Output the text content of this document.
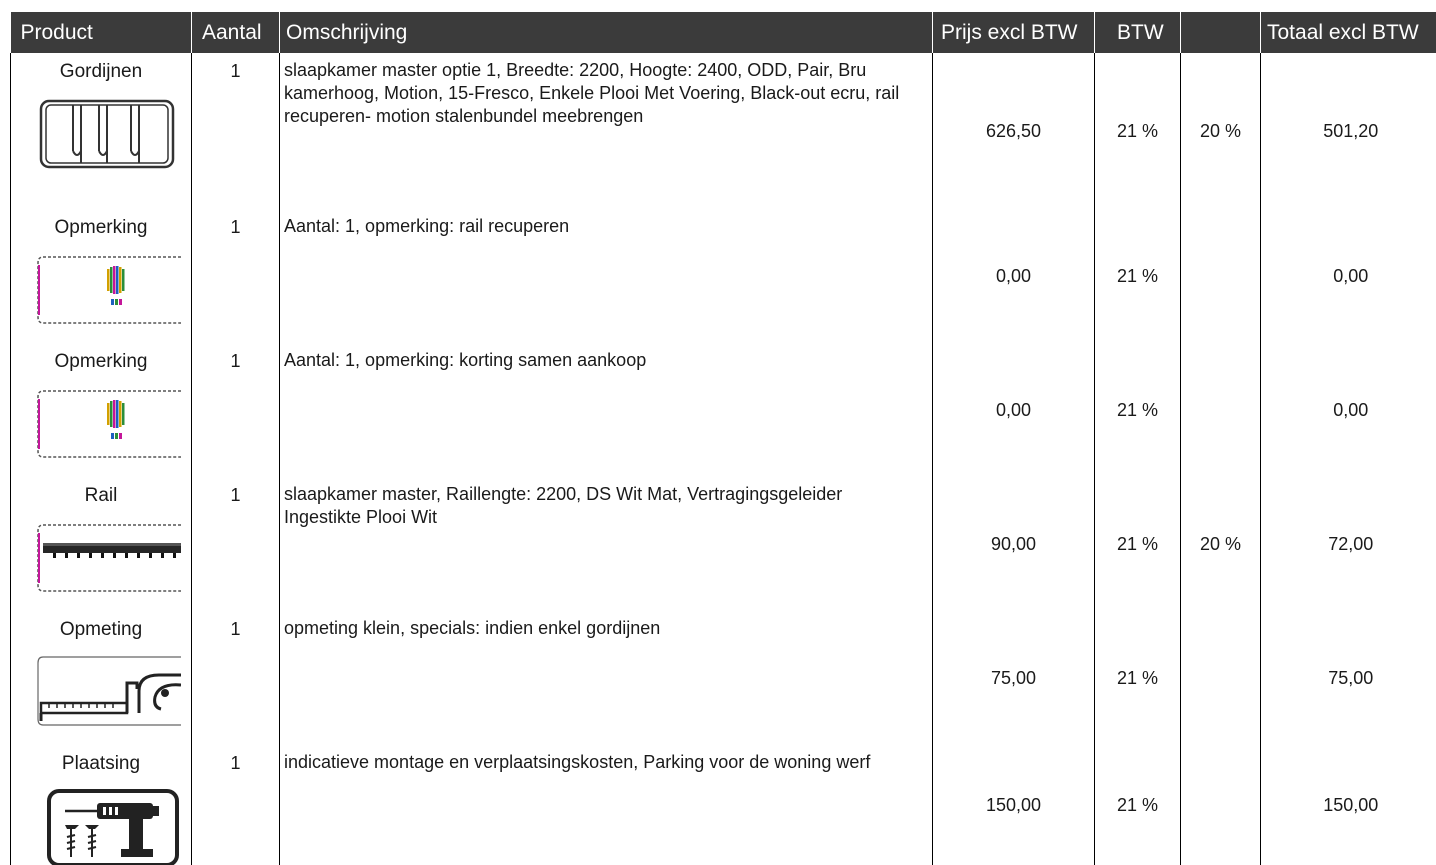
Product	Aantal	Omschrijving	Prijs excl BTW	BTW		Totaal excl BTW

Gordijnen	1	slaapkamer master optie 1, Breedte: 2200, Hoogte: 2400, ODD, Pair, Bru kamerhoog, Motion, 15-Fresco, Enkele Plooi Met Voering, Black-out ecru, rail recuperen- motion stalenbundel meebrengen	626,50	21 %	20 %	501,20

Opmerking	1	Aantal: 1, opmerking: rail recuperen	0,00	21 %		0,00

Opmerking	1	Aantal: 1, opmerking: korting samen aankoop	0,00	21 %		0,00

Rail	1	slaapkamer master, Raillengte: 2200, DS Wit Mat, Vertragingsgeleider Ingestikte Plooi Wit	90,00	21 %	20 %	72,00

Opmeting	1	opmeting klein, specials: indien enkel gordijnen	75,00	21 %		75,00

Plaatsing	1	indicatieve montage en verplaatsingskosten, Parking voor de woning werf	150,00	21 %		150,00
